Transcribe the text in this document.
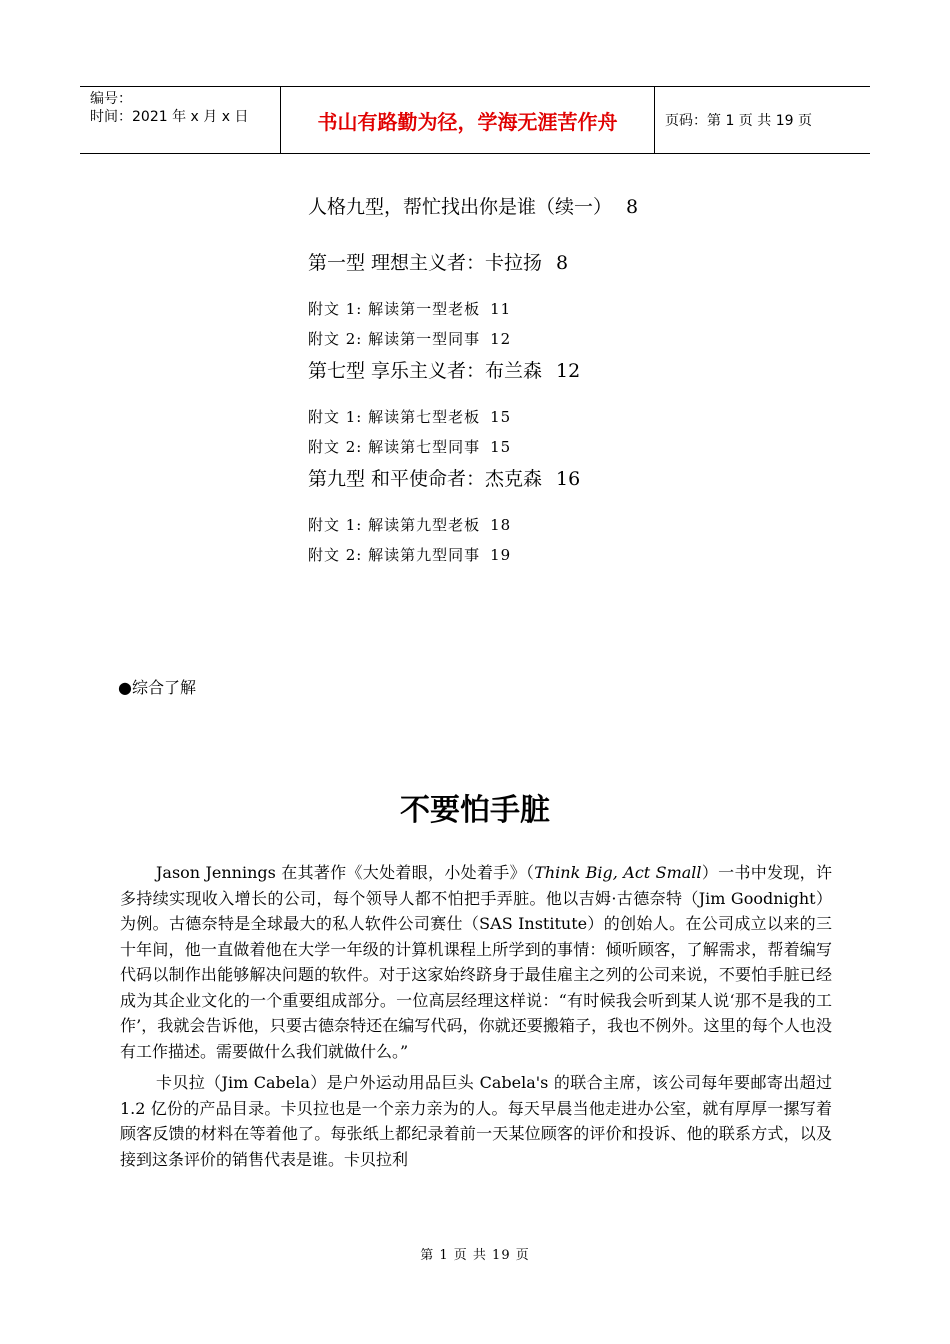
编号：
时间：2021 年 x 月 x 日	书山有路勤为径，学海无涯苦作舟	页码：第 1 页 共 19 页
人格九型，帮忙找出你是谁（续一） 8
第一型 理想主义者：卡拉扬 8
附文 1: 解读第一型老板 11
附文 2: 解读第一型同事 12
第七型 享乐主义者：布兰森 12
附文 1: 解读第七型老板 15
附文 2: 解读第七型同事 15
第九型 和平使命者：杰克森 16
附文 1: 解读第九型老板 18
附文 2: 解读第九型同事 19
●综合了解
不要怕手脏

Jason Jennings 在其著作《大处着眼，小处着手》（Think Big, Act Small）一书中发现，许多持续实现收入增长的公司，每个领导人都不怕把手弄脏。他以吉姆·古德奈特（Jim Goodnight）为例。古德奈特是全球最大的私人软件公司赛仕（SAS Institute）的创始人。在公司成立以来的三十年间，他一直做着他在大学一年级的计算机课程上所学到的事情：倾听顾客，了解需求，帮着编写代码以制作出能够解决问题的软件。对于这家始终跻身于最佳雇主之列的公司来说，不要怕手脏已经成为其企业文化的一个重要组成部分。一位高层经理这样说：“有时候我会听到某人说‘那不是我的工作’，我就会告诉他，只要古德奈特还在编写代码，你就还要搬箱子，我也不例外。这里的每个人也没有工作描述。需要做什么我们就做什么。”

卡贝拉（Jim Cabela）是户外运动用品巨头 Cabela's 的联合主席，该公司每年要邮寄出超过 1.2 亿份的产品目录。卡贝拉也是一个亲力亲为的人。每天早晨当他走进办公室，就有厚厚一摞写着顾客反馈的材料在等着他了。每张纸上都纪录着前一天某位顾客的评价和投诉、他的联系方式，以及接到这条评价的销售代表是谁。卡贝拉利

第 1 页 共 19 页
